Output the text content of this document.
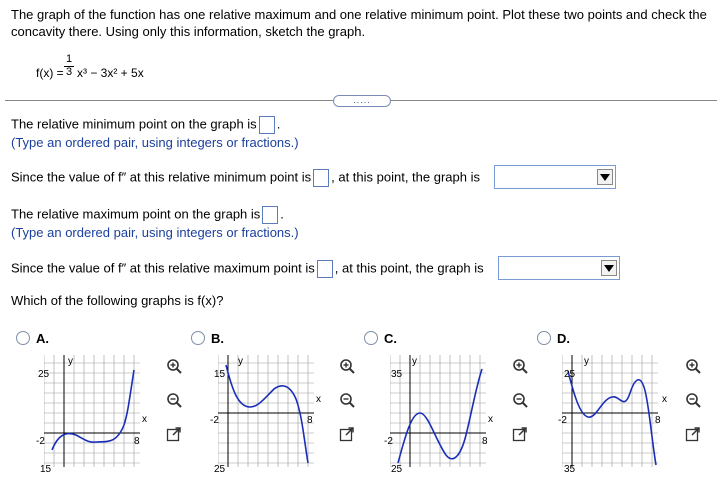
The graph of the function has one relative maximum and one relative minimum point. Plot these two points and check the
concavity there. Using only this information, sketch the graph.
$f(x) = \frac{1}{3} x^3 - 3x^2 + 5x$
.....
The relative minimum point on the graph is .
(Type an ordered pair, using integers or fractions.)
Since the value of f″ at this relative minimum point is , at this point, the graph is
The relative maximum point on the graph is .
(Type an ordered pair, using integers or fractions.)
Since the value of f″ at this relative maximum point is , at this point, the graph is
Which of the following graphs is f(x)?
A.	B.	C.	D.
25
15
-2	8
y
x
15
25
-2	8
y
x
35
25
-2	8
y
x
25
35
-2	8
y
x
